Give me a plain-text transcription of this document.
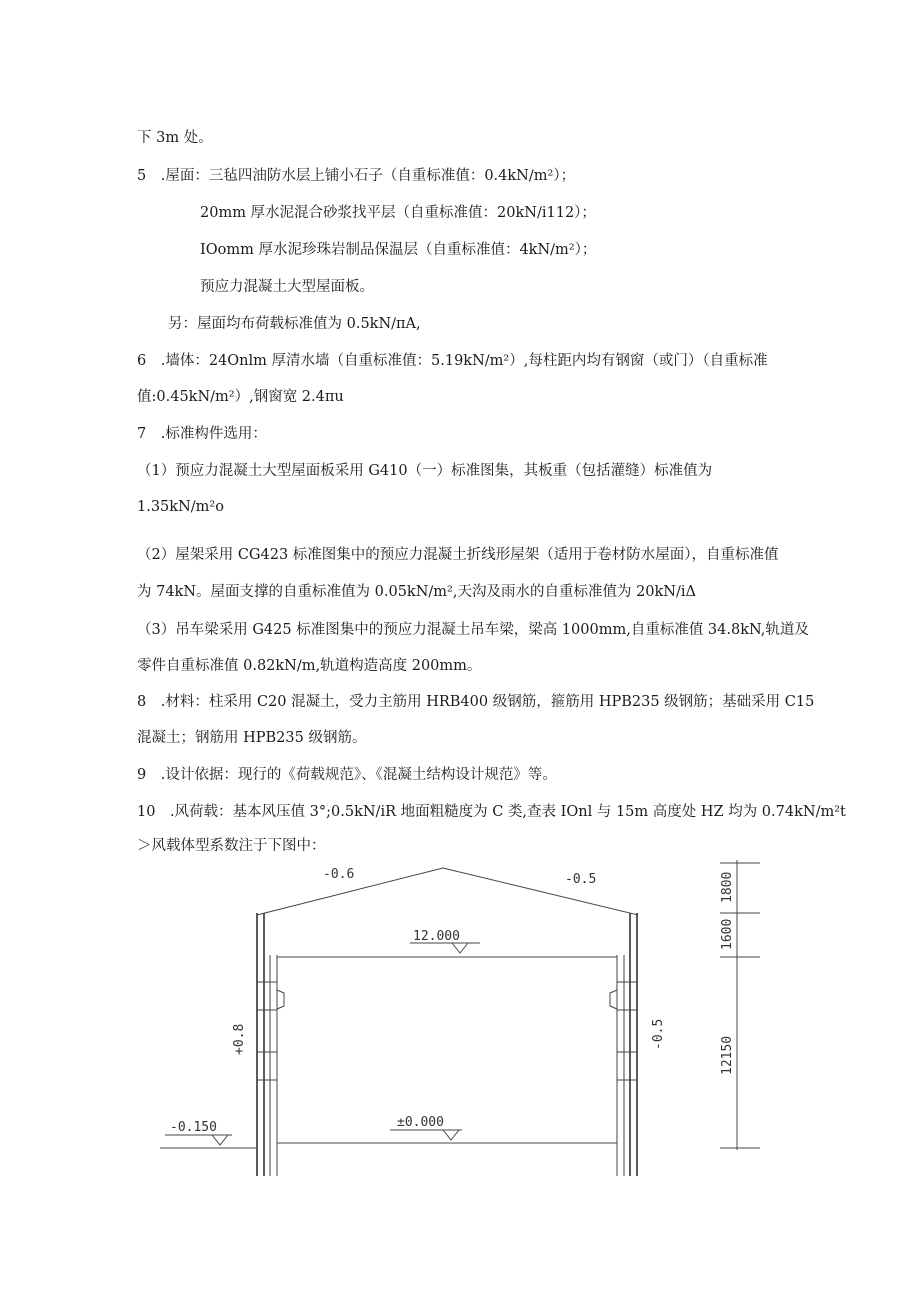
下 3m 处。
5 .屋面：三毡四油防水层上铺小石子（自重标准值：0.4kN∕m²）；
20mm 厚水泥混合砂浆找平层（自重标准值：20kN∕i112）；
IOomm 厚水泥珍珠岩制品保温层（自重标准值：4kN∕m²）；
预应力混凝土大型屋面板。
另：屋面均布荷载标准值为 0.5kN∕πA,
6 .墙体：24Onlm 厚清水墙（自重标准值：5.19kN∕m²）,每柱距内均有钢窗（或门）（自重标准
值:0.45kN∕m²）,钢窗宽 2.4πu
7 .标准构件选用：
（1）预应力混凝土大型屋面板采用 G410（一）标准图集，其板重（包括灌缝）标准值为
1.35kN∕m²o
（2）屋架采用 CG423 标准图集中的预应力混凝土折线形屋架（适用于卷材防水屋面），自重标准值
为 74kN。屋面支撑的自重标准值为 0.05kN∕m²,天沟及雨水的自重标准值为 20kN∕iΔ
（3）吊车梁采用 G425 标准图集中的预应力混凝土吊车梁，梁高 1000mm,自重标准值 34.8kN,轨道及
零件自重标准值 0.82kN∕m,轨道构造高度 200mm。
8 .材料：柱采用 C20 混凝土，受力主筋用 HRB400 级钢筋，箍筋用 HPB235 级钢筋；基础采用 C15
混凝土；钢筋用 HPB235 级钢筋。
9 .设计依据：现行的《荷载规范》、《混凝土结构设计规范》等。
10 .风荷载：基本风压值 3°;0.5kN∕iR 地面粗糙度为 C 类,查表 IOnl 与 15m 高度处 HZ 均为 0.74kN∕m²t
＞风载体型系数注于下图中：
-0.6	-0.5
12.000
±0.000
-0.150
+0.8	-0.5
1800
1600
12150
